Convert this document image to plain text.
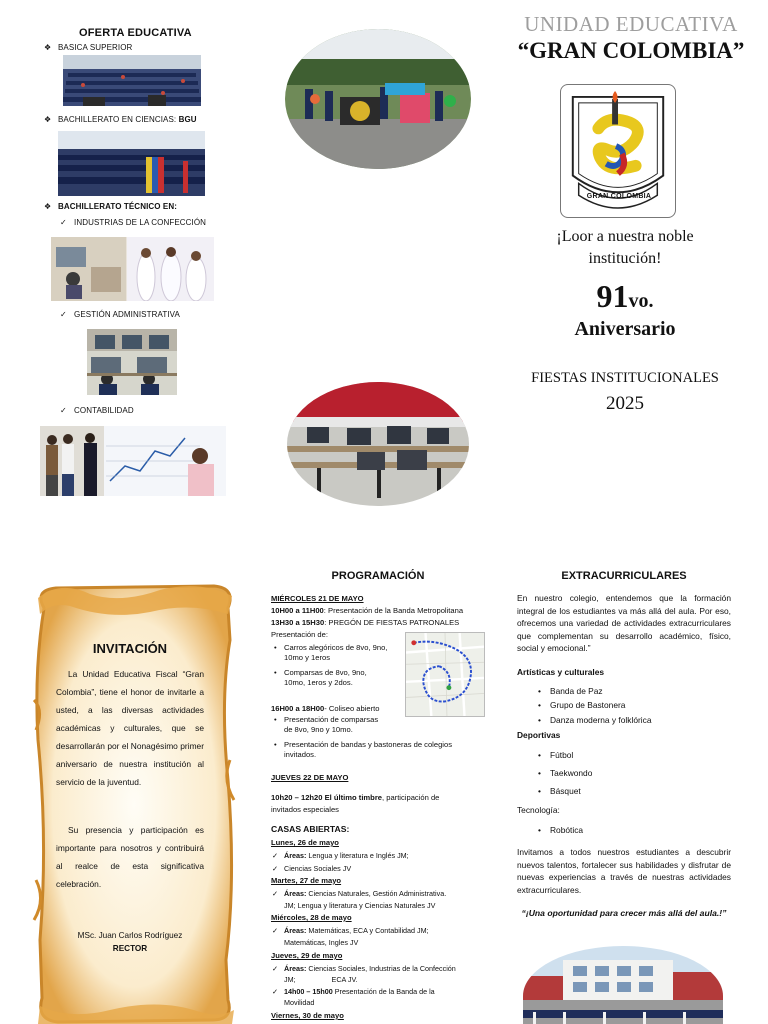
OFERTA EDUCATIVA
❖ BASICA SUPERIOR
❖ BACHILLERATO EN CIENCIAS: BGU
❖ BACHILLERATO TÉCNICO EN:
✓ INDUSTRIAS DE LA CONFECCIÓN
✓ GESTIÓN ADMINISTRATIVA
✓ CONTABILIDAD
UNIDAD EDUCATIVA
“GRAN COLOMBIA”
GRAN COLOMBIA
¡Loor a nuestra noble institución!
91vo.
Aniversario
FIESTAS INSTITUCIONALES
2025
INVITACIÓN
La Unidad Educativa Fiscal “Gran Colombia”, tiene el honor de invitarle a usted, a las diversas actividades académicas y culturales, que se desarrollarán por el Nonagésimo primer aniversario de nuestra institución al servicio de la juventud.
Su presencia y participación es importante para nosotros y contribuirá al realce de esta significativa celebración.
MSc. Juan Carlos Rodríguez
RECTOR
PROGRAMACIÓN
MIÉRCOLES 21 DE MAYO
10H00 a 11H00: Presentación de la Banda Metropolitana
13H30 a 15H30: PREGÓN DE FIESTAS PATRONALES
Presentación de:
• Carros alegóricos de 8vo, 9no,
10mo y 1eros
• Comparsas de 8vo, 9no,
10mo, 1eros y 2dos.
16H00 a 18H00- Coliseo abierto
• Presentación de comparsas
de 8vo, 9no y 10mo.
• Presentación de bandas y bastoneras de colegios
invitados.
JUEVES 22 DE MAYO
10h20 – 12h20 El último timbre, participación de
invitados especiales
CASAS ABIERTAS:
Lunes, 26 de mayo
✓ Áreas: Lengua y literatura e Inglés JM;
✓ Ciencias Sociales JV
Martes, 27 de mayo
✓ Áreas: Ciencias Naturales, Gestión Administrativa.
JM; Lengua y literatura y Ciencias Naturales JV
Miércoles, 28 de mayo
✓ Áreas: Matemáticas, ECA y Contabilidad JM;
Matemáticas, Ingles JV
Jueves, 29 de mayo
✓ Áreas: Ciencias Sociales, Industrias de la Confección
JM;                  ECA JV.
✓ 14h00 – 15h00 Presentación de la Banda de la
Movilidad
Viernes, 30 de mayo
EXTRACURRICULARES
En nuestro colegio, entendemos que la formación integral de los estudiantes va más allá del aula. Por eso, ofrecemos una variedad de actividades extracurriculares que complementan su desarrollo académico, físico, social y emocional.”
Artísticas y culturales
• Banda de Paz
• Grupo de Bastonera
• Danza moderna y folklórica
Deportivas
• Fútbol
• Taekwondo
• Básquet
Tecnología:
• Robótica
Invitamos a todos nuestros estudiantes a descubrir nuevos talentos, fortalecer sus habilidades y disfrutar de nuevas experiencias a través de nuestras actividades extracurriculares.
“¡Una oportunidad para crecer más allá del aula.!”
